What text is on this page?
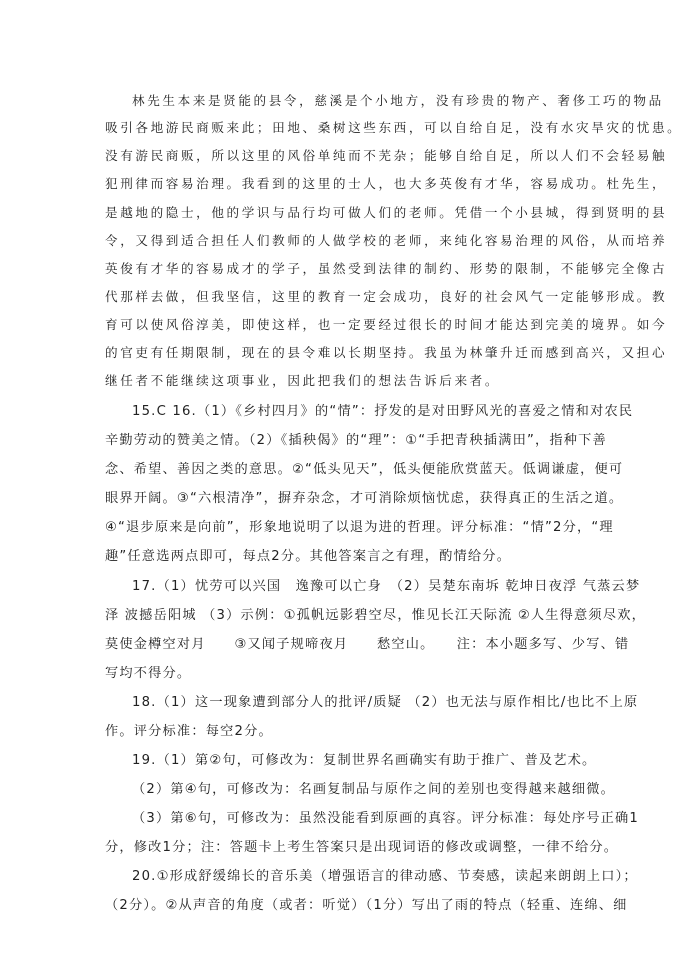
林先生本来是贤能的县令，慈溪是个小地方，没有珍贵的物产、奢侈工巧的物品
吸引各地游民商贩来此；田地、桑树这些东西，可以自给自足，没有水灾旱灾的忧患。
没有游民商贩，所以这里的风俗单纯而不芜杂；能够自给自足，所以人们不会轻易触
犯刑律而容易治理。我看到的这里的士人，也大多英俊有才华，容易成功。杜先生，
是越地的隐士，他的学识与品行均可做人们的老师。凭借一个小县城，得到贤明的县
令，又得到适合担任人们教师的人做学校的老师，来纯化容易治理的风俗，从而培养
英俊有才华的容易成才的学子，虽然受到法律的制约、形势的限制，不能够完全像古
代那样去做，但我坚信，这里的教育一定会成功，良好的社会风气一定能够形成。教
育可以使风俗淳美，即使这样，也一定要经过很长的时间才能达到完美的境界。如今
的官吏有任期限制，现在的县令难以长期坚持。我虽为林肇升迁而感到高兴，又担心
继任者不能继续这项事业，因此把我们的想法告诉后来者。
15.C 16.（1）《乡村四月》的“情”：抒发的是对田野风光的喜爱之情和对农民
辛勤劳动的赞美之情。（2）《插秧偈》的“理”：①“手把青秧插满田”，指种下善
念、希望、善因之类的意思。②“低头见天”，低头便能欣赏蓝天。低调谦虚，便可
眼界开阔。③“六根清净”，摒弃杂念，才可消除烦恼忧虑，获得真正的生活之道。
④“退步原来是向前”，形象地说明了以退为进的哲理。评分标准：“情”2分，“理
趣”任意选两点即可，每点2分。其他答案言之有理，酌情给分。
17.（1）忧劳可以兴国　逸豫可以亡身　（2）吴楚东南坼 乾坤日夜浮 气蒸云梦
泽 波撼岳阳城 （3）示例：①孤帆远影碧空尽，惟见长江天际流 ②人生得意须尽欢，
莫使金樽空对月　　③又闻子规啼夜月　　愁空山。　　注：本小题多写、少写、错
写均不得分。
18.（1）这一现象遭到部分人的批评/质疑 （2）也无法与原作相比/也比不上原
作。评分标准：每空2分。
19.（1）第②句，可修改为：复制世界名画确实有助于推广、普及艺术。
（2）第④句，可修改为：名画复制品与原作之间的差别也变得越来越细微。
（3）第⑥句，可修改为：虽然没能看到原画的真容。评分标准：每处序号正确1
分，修改1分；注：答题卡上考生答案只是出现词语的修改或调整，一律不给分。
20.①形成舒缓绵长的音乐美（增强语言的律动感、节奏感，读起来朗朗上口）；
（2分）。②从声音的角度（或者：听觉）（1分）写出了雨的特点（轻重、连绵、细
